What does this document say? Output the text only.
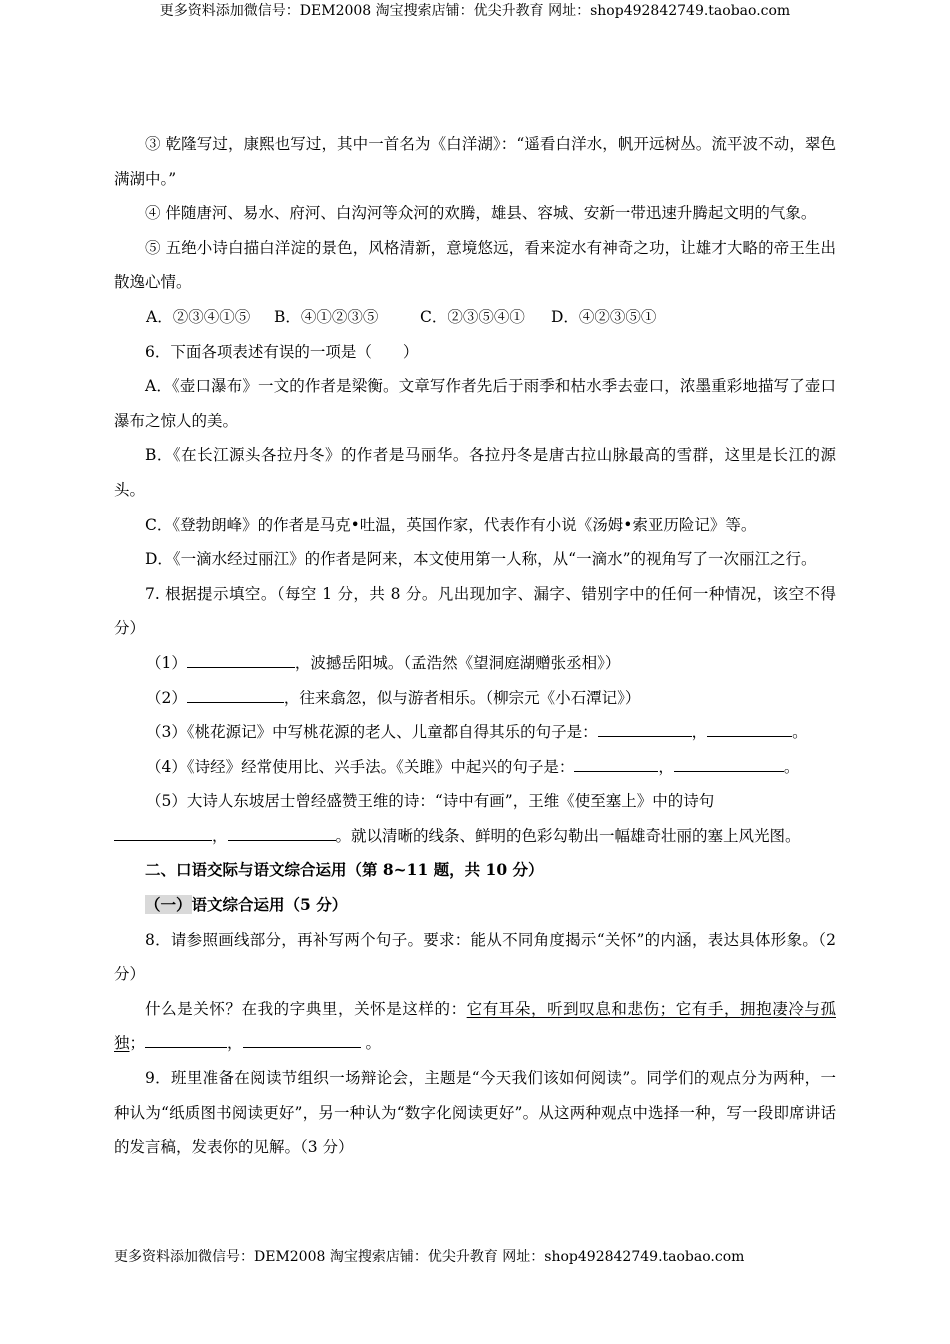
更多资料添加微信号：DEM2008 淘宝搜索店铺：优尖升教育 网址：shop492842749.taobao.com

③ 乾隆写过，康熙也写过，其中一首名为《白洋湖》：“遥看白洋水，帆开远树丛。流平波不动，翠色满湖中。”

④ 伴随唐河、易水、府河、白沟河等众河的欢腾，雄县、容城、安新一带迅速升腾起文明的气象。

⑤ 五绝小诗白描白洋淀的景色，风格清新，意境悠远，看来淀水有神奇之功，让雄才大略的帝王生出散逸心情。

A．②③④①⑤ B．④①②③⑤	C．②③⑤④① D．④②③⑤①

6．下面各项表述有误的一项是（　　）

A．《壶口瀑布》一文的作者是梁衡。文章写作者先后于雨季和枯水季去壶口，浓墨重彩地描写了壶口瀑布之惊人的美。

B．《在长江源头各拉丹冬》的作者是马丽华。各拉丹冬是唐古拉山脉最高的雪群，这里是长江的源头。

C．《登勃朗峰》的作者是马克•吐温，英国作家，代表作有小说《汤姆•索亚历险记》等。

D．《一滴水经过丽江》的作者是阿来，本文使用第一人称，从“一滴水”的视角写了一次丽江之行。

7. 根据提示填空。（每空 1 分，共 8 分。凡出现加字、漏字、错别字中的任何一种情况，该空不得分）

（1）	，波撼岳阳城。（孟浩然《望洞庭湖赠张丞相》）

（2）	，往来翕忽，似与游者相乐。（柳宗元《小石潭记》）

（3）《桃花源记》中写桃花源的老人、儿童都自得其乐的句子是：	，	。

（4）《诗经》经常使用比、兴手法。《关雎》中起兴的句子是：	，	。

（5）大诗人东坡居士曾经盛赞王维的诗：“诗中有画”，王维《使至塞上》中的诗句

，	。就以清晰的线条、鲜明的色彩勾勒出一幅雄奇壮丽的塞上风光图。

二、口语交际与语文综合运用（第 8~11 题，共 10 分）

（一）语文综合运用（5 分）

8．请参照画线部分，再补写两个句子。要求：能从不同角度揭示“关怀”的内涵，表达具体形象。（2 分）

什么是关怀？在我的字典里，关怀是这样的：它有耳朵，听到叹息和悲伤；它有手，拥抱凄冷与孤独；	，	。

9．班里准备在阅读节组织一场辩论会，主题是“今天我们该如何阅读”。同学们的观点分为两种，一种认为“纸质图书阅读更好”，另一种认为“数字化阅读更好”。从这两种观点中选择一种，写一段即席讲话的发言稿，发表你的见解。（3 分）

更多资料添加微信号：DEM2008 淘宝搜索店铺：优尖升教育 网址：shop492842749.taobao.com
